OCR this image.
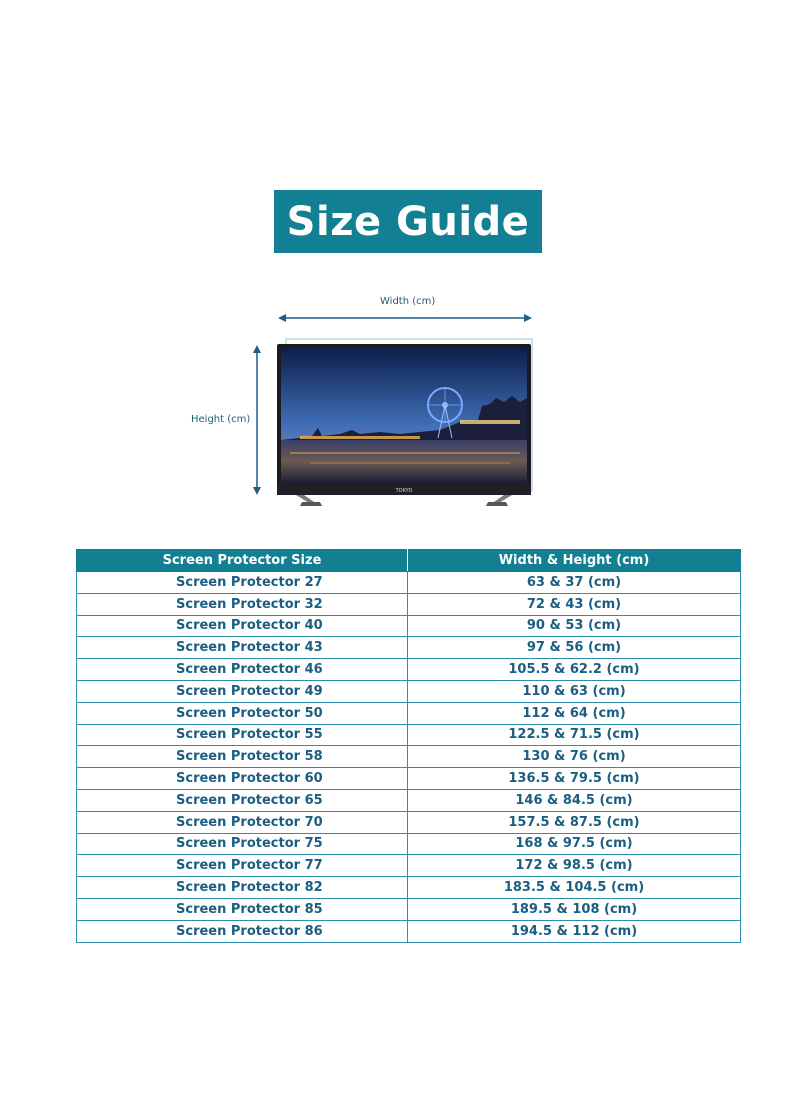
Size Guide
TOKYO
Width (cm)
Height (cm)
Screen Protector Size	Width & Height (cm)
Screen Protector 27	63 & 37 (cm)
Screen Protector 32	72 & 43 (cm)
Screen Protector 40	90 & 53 (cm)
Screen Protector 43	97 & 56 (cm)
Screen Protector 46	105.5 & 62.2 (cm)
Screen Protector 49	110 & 63 (cm)
Screen Protector 50	112 & 64 (cm)
Screen Protector 55	122.5 & 71.5 (cm)
Screen Protector 58	130 & 76 (cm)
Screen Protector 60	136.5 & 79.5 (cm)
Screen Protector 65	146 & 84.5 (cm)
Screen Protector 70	157.5 & 87.5 (cm)
Screen Protector 75	168 & 97.5 (cm)
Screen Protector 77	172 & 98.5 (cm)
Screen Protector 82	183.5 & 104.5 (cm)
Screen Protector 85	189.5 & 108 (cm)
Screen Protector 86	194.5 & 112 (cm)
